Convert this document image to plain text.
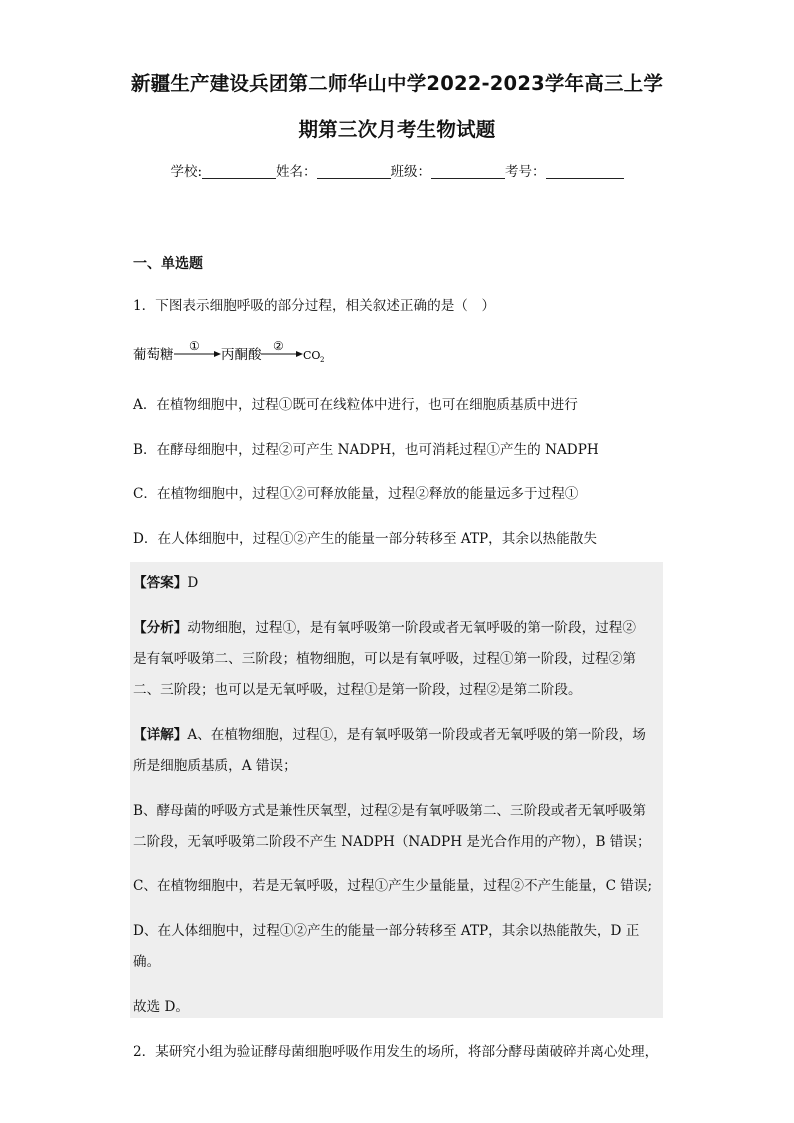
新疆生产建设兵团第二师华山中学2022-2023学年高三上学
期第三次月考生物试题
学校:	姓名：	班级：	考号：
一、单选题
1．下图表示细胞呼吸的部分过程，相关叙述正确的是（　）
葡萄糖
①
丙酮酸
②
CO 2
A．在植物细胞中，过程①既可在线粒体中进行，也可在细胞质基质中进行
B．在酵母细胞中，过程②可产生 NADPH，也可消耗过程①产生的 NADPH
C．在植物细胞中，过程①②可释放能量，过程②释放的能量远多于过程①
D．在人体细胞中，过程①②产生的能量一部分转移至 ATP，其余以热能散失
【答案】D
【分析】动物细胞，过程①，是有氧呼吸第一阶段或者无氧呼吸的第一阶段，过程②
是有氧呼吸第二、三阶段；植物细胞，可以是有氧呼吸，过程①第一阶段，过程②第
二、三阶段；也可以是无氧呼吸，过程①是第一阶段，过程②是第二阶段。
【详解】A、在植物细胞，过程①，是有氧呼吸第一阶段或者无氧呼吸的第一阶段，场
所是细胞质基质，A 错误；
B、酵母菌的呼吸方式是兼性厌氧型，过程②是有氧呼吸第二、三阶段或者无氧呼吸第
二阶段，无氧呼吸第二阶段不产生 NADPH（NADPH 是光合作用的产物），B 错误；
C、在植物细胞中，若是无氧呼吸，过程①产生少量能量，过程②不产生能量，C 错误;
D、在人体细胞中，过程①②产生的能量一部分转移至 ATP，其余以热能散失，D 正
确。
故选 D。
2．某研究小组为验证酵母菌细胞呼吸作用发生的场所，将部分酵母菌破碎并离心处理，
